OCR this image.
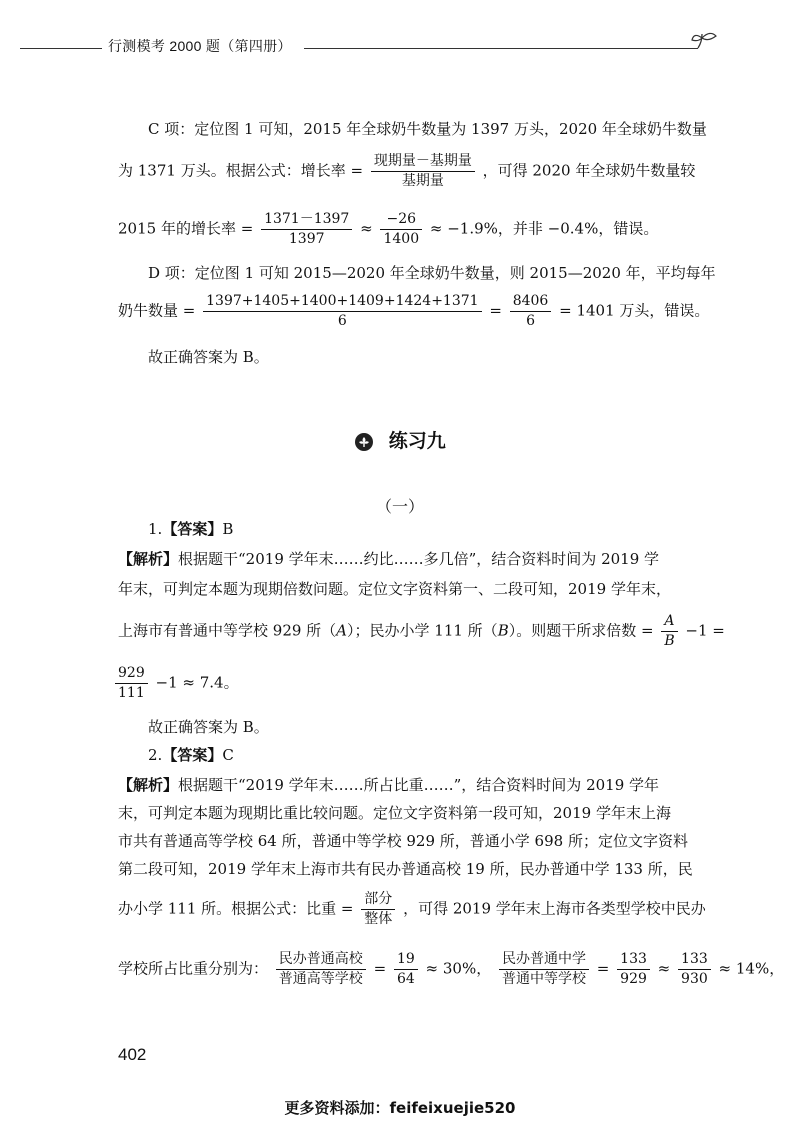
行测模考 2000 题（第四册）
C 项：定位图 1 可知，2015 年全球奶牛数量为 1397 万头，2020 年全球奶牛数量
为 1371 万头。根据公式：增长率 = $\frac{\text{现期量－基期量}}{\text{基期量}}$ ，可得 2020 年全球奶牛数量较
2015 年的增长率 = $\frac{1371-1397}{1397} \approx \frac{-26}{1400} \approx -1.9\%$，并非 −0.4%，错误。
D 项：定位图 1 可知 2015—2020 年全球奶牛数量，则 2015—2020 年，平均每年
奶牛数量 = $\frac{1397+1405+1400+1409+1424+1371}{6} = \frac{8406}{6} = 1401$ 万头，错误。
故正确答案为 B。
练习九
（一）
1.【答案】B
【解析】根据题干“2019 学年末……约比……多几倍”，结合资料时间为 2019 学
年末，可判定本题为现期倍数问题。定位文字资料第一、二段可知，2019 学年末，
上海市有普通中等学校 929 所（A）；民办小学 111 所（B）。则题干所求倍数 = $\frac{A}{B} -1$ =
$\frac{929}{111} -1 \approx 7.4$。
故正确答案为 B。
2.【答案】C
【解析】根据题干“2019 学年末……所占比重……”，结合资料时间为 2019 学年
末，可判定本题为现期比重比较问题。定位文字资料第一段可知，2019 学年末上海
市共有普通高等学校 64 所，普通中等学校 929 所，普通小学 698 所；定位文字资料
第二段可知，2019 学年末上海市共有民办普通高校 19 所，民办普通中学 133 所，民
办小学 111 所。根据公式：比重 = $\frac{\text{部分}}{\text{整体}}$ ，可得 2019 学年末上海市各类型学校中民办
学校所占比重分别为： $\frac{\text{民办普通高校}}{\text{普通高等学校}} = \frac{19}{64} \approx 30\%$， $\frac{\text{民办普通中学}}{\text{普通中等学校}} = \frac{133}{929} \approx \frac{133}{930} \approx 14\%$，
402
更多资料添加：feifeixuejie520
